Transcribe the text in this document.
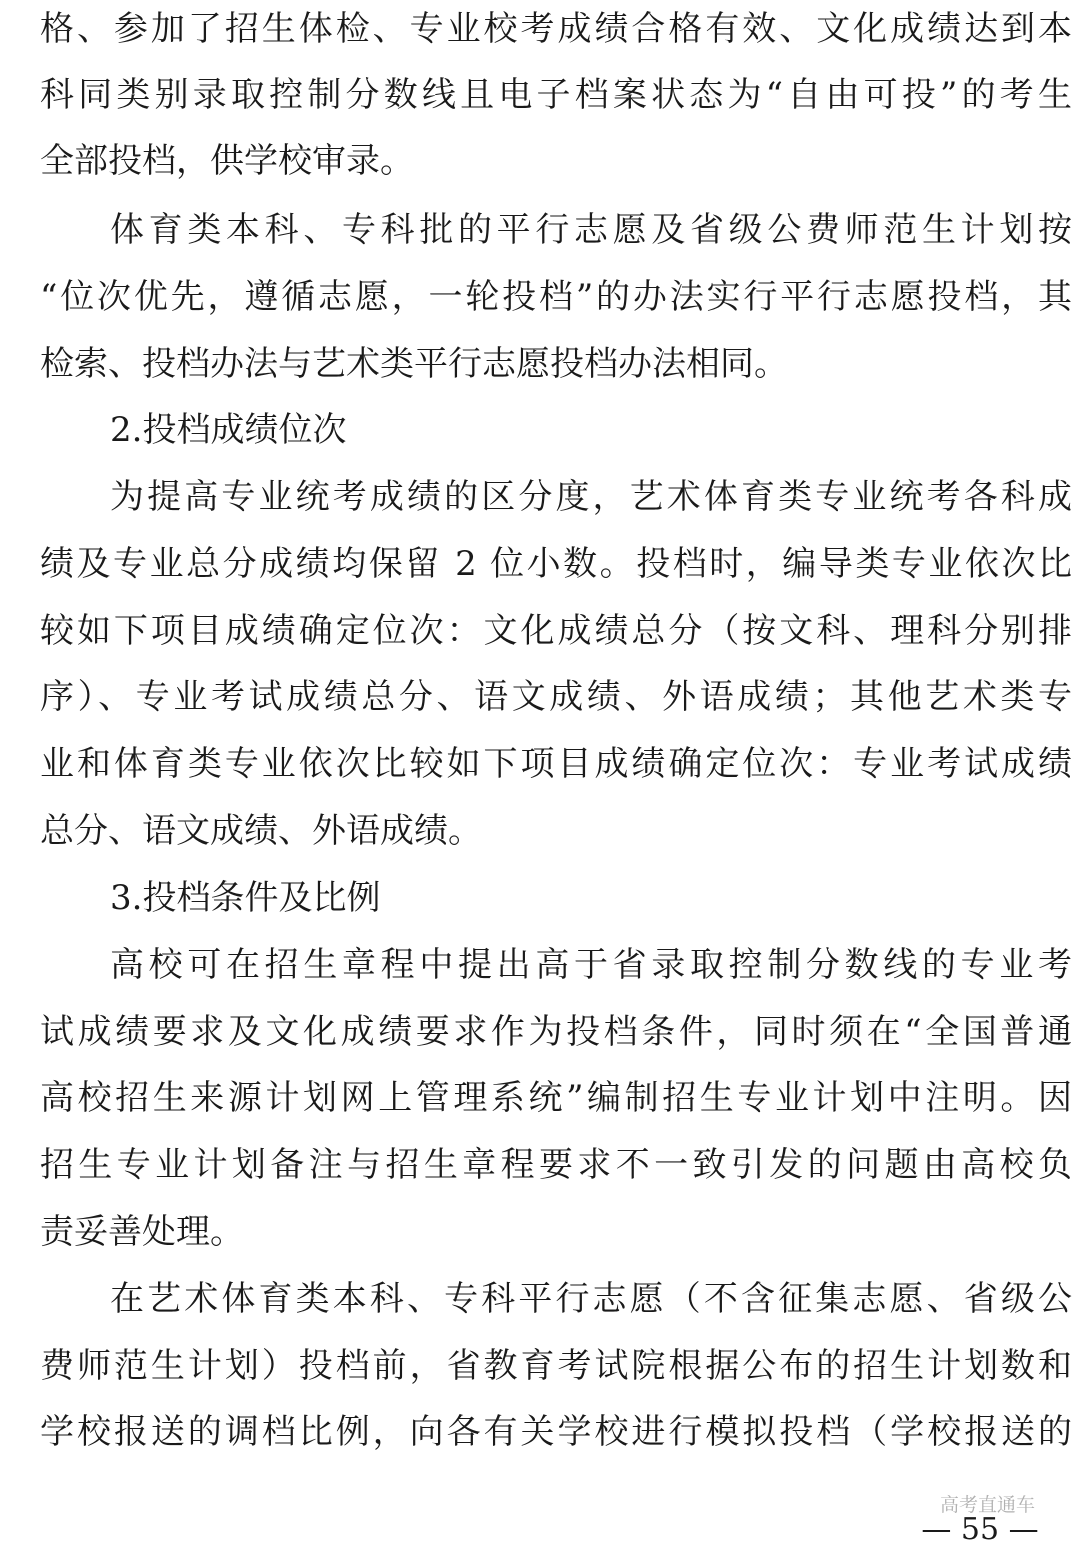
格、参加了招生体检、专业校考成绩合格有效、文化成绩达到本
科同类别录取控制分数线且电子档案状态为“自由可投”的考生
全部投档，供学校审录。
体育类本科、专科批的平行志愿及省级公费师范生计划按
“位次优先，遵循志愿，一轮投档”的办法实行平行志愿投档，其
检索、投档办法与艺术类平行志愿投档办法相同。
2.投档成绩位次
为提高专业统考成绩的区分度，艺术体育类专业统考各科成
绩及专业总分成绩均保留 2 位小数。投档时，编导类专业依次比
较如下项目成绩确定位次：文化成绩总分（按文科、理科分别排
序）、专业考试成绩总分、语文成绩、外语成绩；其他艺术类专
业和体育类专业依次比较如下项目成绩确定位次：专业考试成绩
总分、语文成绩、外语成绩。
3.投档条件及比例
高校可在招生章程中提出高于省录取控制分数线的专业考
试成绩要求及文化成绩要求作为投档条件，同时须在“全国普通
高校招生来源计划网上管理系统”编制招生专业计划中注明。因
招生专业计划备注与招生章程要求不一致引发的问题由高校负
责妥善处理。
在艺术体育类本科、专科平行志愿（不含征集志愿、省级公
费师范生计划）投档前，省教育考试院根据公布的招生计划数和
学校报送的调档比例，向各有关学校进行模拟投档（学校报送的
高考直通车
— 55 —
